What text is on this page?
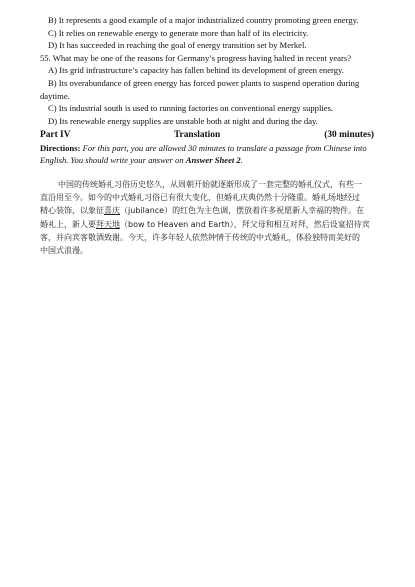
B) It represents a good example of a major industrialized country promoting green energy.
C) It relies on renewable energy to generate more than half of its electricity.
D) It has succeeded in reaching the goal of energy transition set by Merkel.
55. What may be one of the reasons for Germany’s progress having halted in recent years?
A) Its grid infrastructure’s capacity has fallen behind its development of green energy.
B) Its overabundance of green energy has forced power plants to suspend operation during
daytime.
C) Its industrial south is used to running factories on conventional energy supplies.
D) Its renewable energy supplies are unstable both at night and during the day.
Part IV	Translation	(30 minutes)
Directions: For this part, you are allowed 30 minutes to translate a passage from Chinese into English. You should write your answer on Answer Sheet 2.
中国的传统婚礼习俗历史悠久，从周朝开始就逐渐形成了一套完整的婚礼仪式，有些一
直沿用至今。如今的中式婚礼习俗已有很大变化，但婚礼庆典仍然十分隆重。婚礼场地经过
精心装饰，以象征喜庆（jubilance）的红色为主色调，摆放着许多祝愿新人幸福的物件。在
婚礼上，新人要拜天地（bow to Heaven and Earth），拜父母和相互对拜，然后设宴招待宾
客，并向宾客敬酒致谢。今天，许多年轻人依然钟情于传统的中式婚礼，体验独特而美好的
中国式浪漫。
